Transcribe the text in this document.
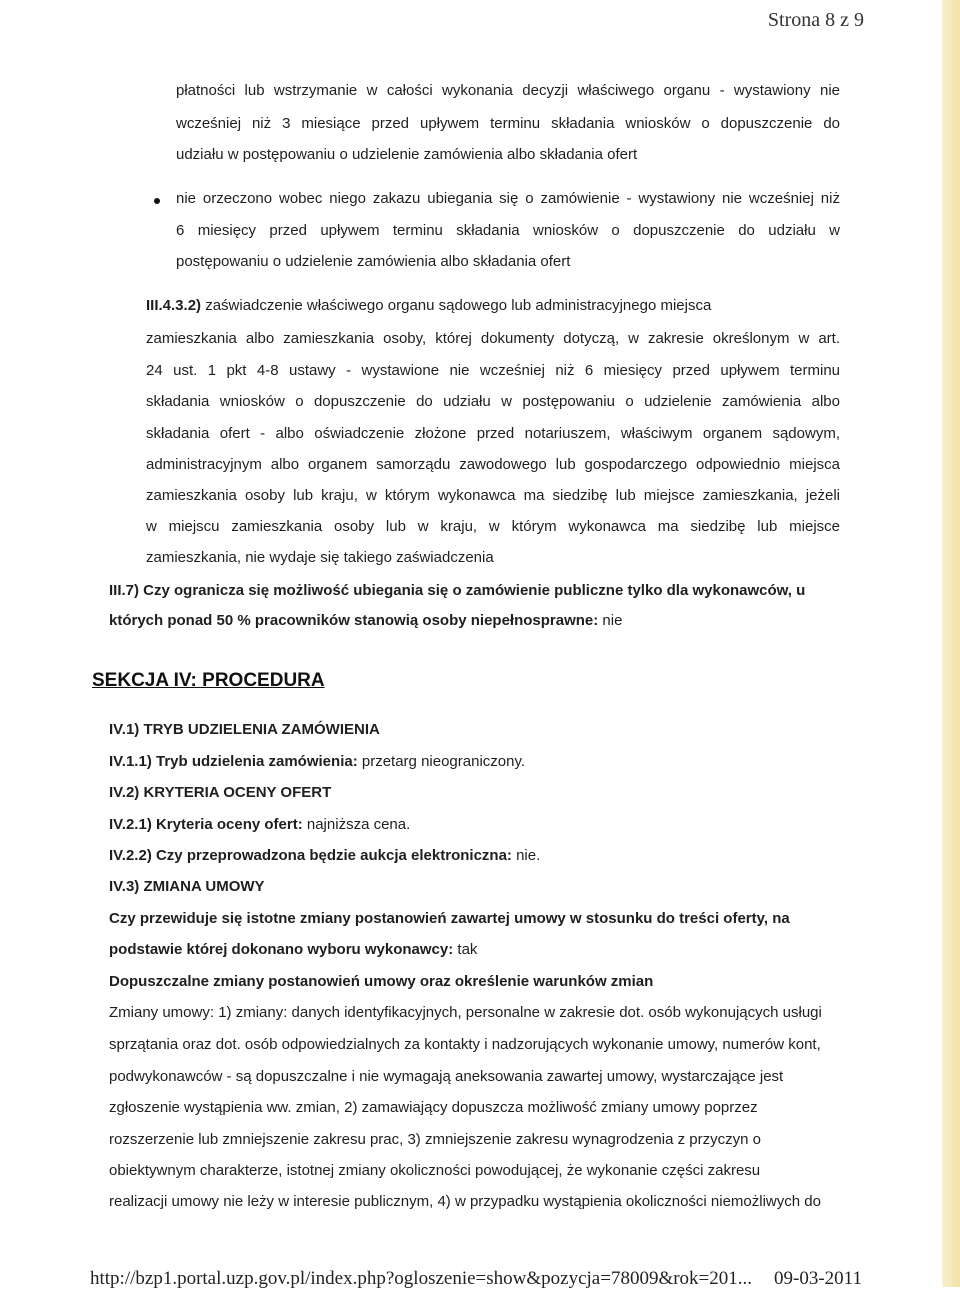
Strona 8 z 9
płatności lub wstrzymanie w całości wykonania decyzji właściwego organu - wystawiony nie
wcześniej niż 3 miesiące przed upływem terminu składania wniosków o dopuszczenie do
udziału w postępowaniu o udzielenie zamówienia albo składania ofert
nie orzeczono wobec niego zakazu ubiegania się o zamówienie - wystawiony nie wcześniej niż
6 miesięcy przed upływem terminu składania wniosków o dopuszczenie do udziału w
postępowaniu o udzielenie zamówienia albo składania ofert
III.4.3.2) zaświadczenie właściwego organu sądowego lub administracyjnego miejsca
zamieszkania albo zamieszkania osoby, której dokumenty dotyczą, w zakresie określonym w art.
24 ust. 1 pkt 4-8 ustawy - wystawione nie wcześniej niż 6 miesięcy przed upływem terminu
składania wniosków o dopuszczenie do udziału w postępowaniu o udzielenie zamówienia albo
składania ofert - albo oświadczenie złożone przed notariuszem, właściwym organem sądowym,
administracyjnym albo organem samorządu zawodowego lub gospodarczego odpowiednio miejsca
zamieszkania osoby lub kraju, w którym wykonawca ma siedzibę lub miejsce zamieszkania, jeżeli
w miejscu zamieszkania osoby lub w kraju, w którym wykonawca ma siedzibę lub miejsce
zamieszkania, nie wydaje się takiego zaświadczenia
III.7) Czy ogranicza się możliwość ubiegania się o zamówienie publiczne tylko dla wykonawców, u
których ponad 50 % pracowników stanowią osoby niepełnosprawne: nie
SEKCJA IV: PROCEDURA
IV.1) TRYB UDZIELENIA ZAMÓWIENIA
IV.1.1) Tryb udzielenia zamówienia: przetarg nieograniczony.
IV.2) KRYTERIA OCENY OFERT
IV.2.1) Kryteria oceny ofert: najniższa cena.
IV.2.2) Czy przeprowadzona będzie aukcja elektroniczna: nie.
IV.3) ZMIANA UMOWY
Czy przewiduje się istotne zmiany postanowień zawartej umowy w stosunku do treści oferty, na
podstawie której dokonano wyboru wykonawcy: tak
Dopuszczalne zmiany postanowień umowy oraz określenie warunków zmian
Zmiany umowy: 1) zmiany: danych identyfikacyjnych, personalne w zakresie dot. osób wykonujących usługi
sprzątania oraz dot. osób odpowiedzialnych za kontakty i nadzorujących wykonanie umowy, numerów kont,
podwykonawców - są dopuszczalne i nie wymagają aneksowania zawartej umowy, wystarczające jest
zgłoszenie wystąpienia ww. zmian, 2) zamawiający dopuszcza możliwość zmiany umowy poprzez
rozszerzenie lub zmniejszenie zakresu prac, 3) zmniejszenie zakresu wynagrodzenia z przyczyn o
obiektywnym charakterze, istotnej zmiany okoliczności powodującej, że wykonanie części zakresu
realizacji umowy nie leży w interesie publicznym, 4) w przypadku wystąpienia okoliczności niemożliwych do
http://bzp1.portal.uzp.gov.pl/index.php?ogloszenie=show&pozycja=78009&rok=201... 09-03-2011
